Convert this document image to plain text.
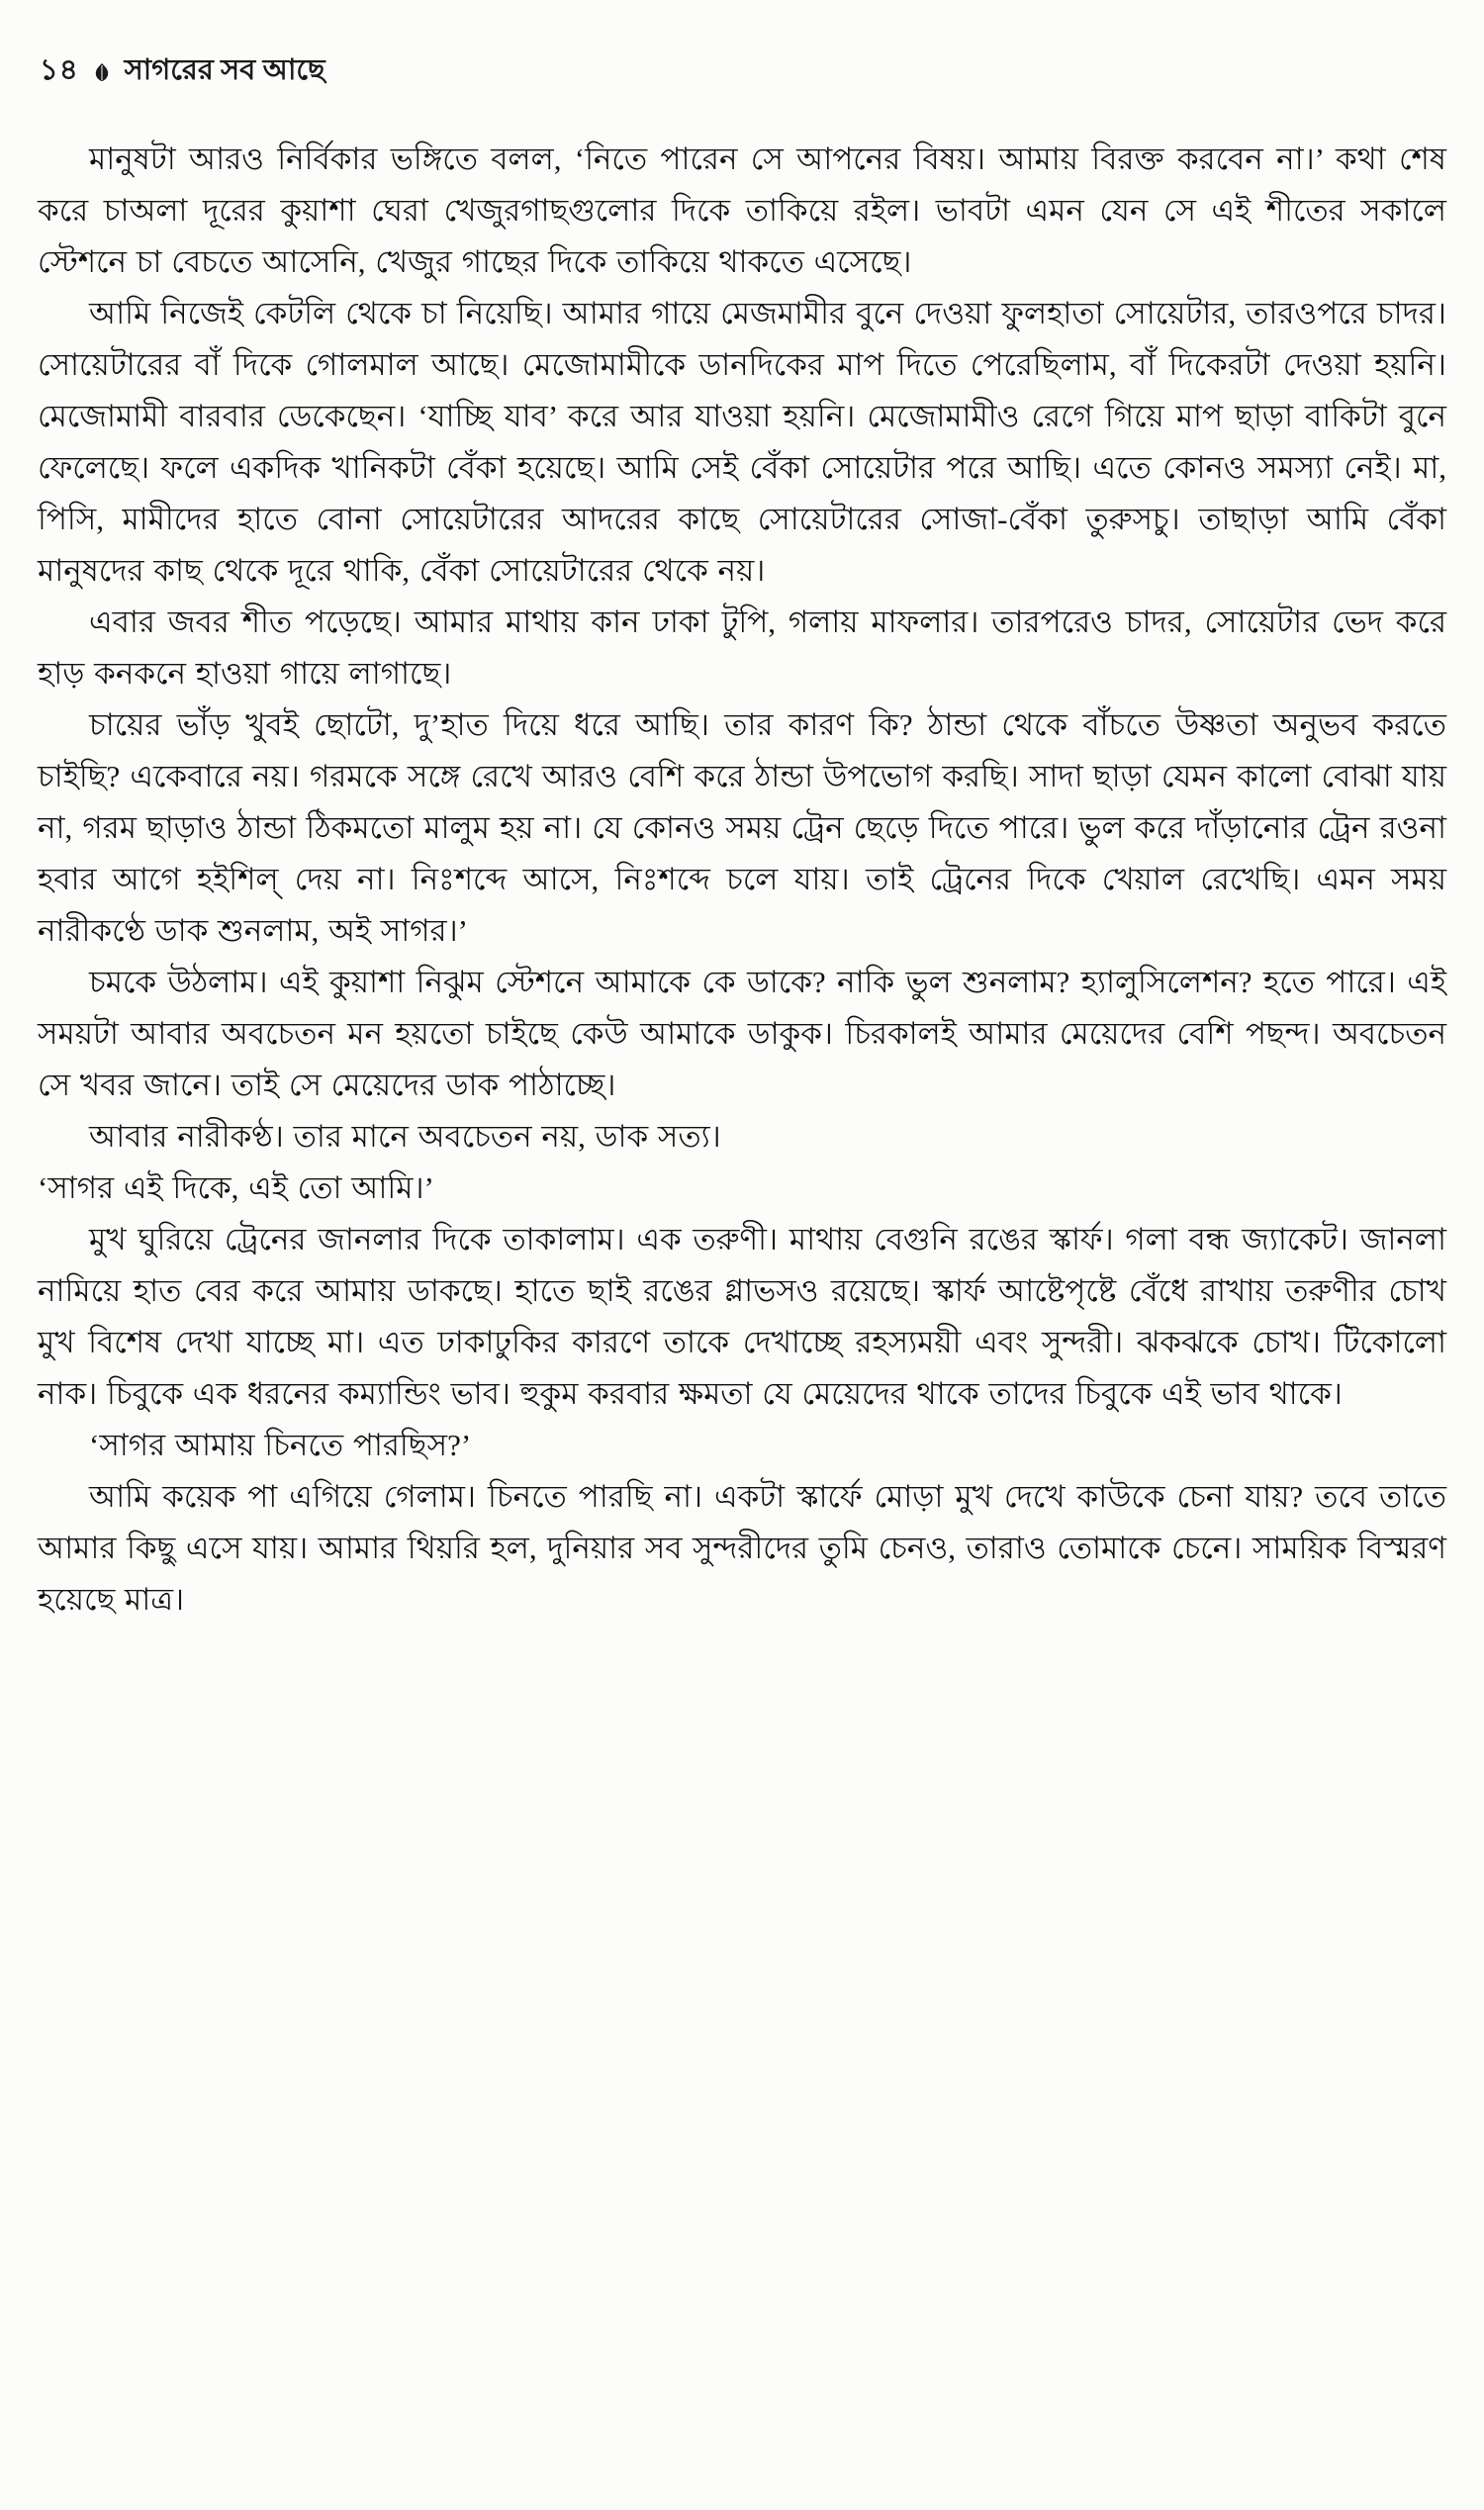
১৪ সাগরের সব আছে

মানুষটা আরও নির্বিকার ভঙ্গিতে বলল, ‘নিতে পারেন সে আপনের বিষয়। আমায় বিরক্ত করবেন না।’ কথা শেষ করে চাঅলা দূরের কুয়াশা ঘেরা খেজুরগাছগুলোর দিকে তাকিয়ে রইল। ভাবটা এমন যেন সে এই শীতের সকালে স্টেশনে চা বেচতে আসেনি, খেজুর গাছের দিকে তাকিয়ে থাকতে এসেছে।

আমি নিজেই কেটলি থেকে চা নিয়েছি। আমার গায়ে মেজমামীর বুনে দেওয়া ফুলহাতা সোয়েটার, তারওপরে চাদর। সোয়েটারের বাঁ দিকে গোলমাল আছে। মেজোমামীকে ডানদিকের মাপ দিতে পেরেছিলাম, বাঁ দিকেরটা দেওয়া হয়নি। মেজোমামী বারবার ডেকেছেন। ‘যাচ্ছি যাব’ করে আর যাওয়া হয়নি। মেজোমামীও রেগে গিয়ে মাপ ছাড়া বাকিটা বুনে ফেলেছে। ফলে একদিক খানিকটা বেঁকা হয়েছে। আমি সেই বেঁকা সোয়েটার পরে আছি। এতে কোনও সমস্যা নেই। মা, পিসি, মামীদের হাতে বোনা সোয়েটারের আদরের কাছে সোয়েটারের সোজা-বেঁকা তুরুসচু। তাছাড়া আমি বেঁকা মানুষদের কাছ থেকে দূরে থাকি, বেঁকা সোয়েটারের থেকে নয়।

এবার জবর শীত পড়েছে। আমার মাথায় কান ঢাকা টুপি, গলায় মাফলার। তারপরেও চাদর, সোয়েটার ভেদ করে হাড় কনকনে হাওয়া গায়ে লাগাছে।

চায়ের ভাঁড় খুবই ছোটো, দু’হাত দিয়ে ধরে আছি। তার কারণ কি? ঠান্ডা থেকে বাঁচতে উষ্ণতা অনুভব করতে চাইছি? একেবারে নয়। গরমকে সঙ্গে রেখে আরও বেশি করে ঠান্ডা উপভোগ করছি। সাদা ছাড়া যেমন কালো বোঝা যায় না, গরম ছাড়াও ঠান্ডা ঠিকমতো মালুম হয় না। যে কোনও সময় ট্রেন ছেড়ে দিতে পারে। ভুল করে দাঁড়ানোর ট্রেন রওনা হবার আগে হইশিল্ দেয় না। নিঃশব্দে আসে, নিঃশব্দে চলে যায়। তাই ট্রেনের দিকে খেয়াল রেখেছি। এমন সময় নারীকণ্ঠে ডাক শুনলাম, অই সাগর।’

চমকে উঠলাম। এই কুয়াশা নিঝুম স্টেশনে আমাকে কে ডাকে? নাকি ভুল শুনলাম? হ্যালুসিলেশন? হতে পারে। এই সময়টা আবার অবচেতন মন হয়তো চাইছে কেউ আমাকে ডাকুক। চিরকালই আমার মেয়েদের বেশি পছন্দ। অবচেতন সে খবর জানে। তাই সে মেয়েদের ডাক পাঠাচ্ছে।

আবার নারীকণ্ঠ। তার মানে অবচেতন নয়, ডাক সত্য।

‘সাগর এই দিকে, এই তো আমি।’

মুখ ঘুরিয়ে ট্রেনের জানলার দিকে তাকালাম। এক তরুণী। মাথায় বেগুনি রঙের স্কার্ফ। গলা বন্ধ জ্যাকেট। জানলা নামিয়ে হাত বের করে আমায় ডাকছে। হাতে ছাই রঙের গ্লাভসও রয়েছে। স্কার্ফ আষ্টেপৃষ্টে বেঁধে রাখায় তরুণীর চোখ মুখ বিশেষ দেখা যাচ্ছে মা। এত ঢাকাঢুকির কারণে তাকে দেখাচ্ছে রহস্যময়ী এবং সুন্দরী। ঝকঝকে চোখ। টিকোলো নাক। চিবুকে এক ধরনের কম্যান্ডিং ভাব। হুকুম করবার ক্ষমতা যে মেয়েদের থাকে তাদের চিবুকে এই ভাব থাকে।

‘সাগর আমায় চিনতে পারছিস?’

আমি কয়েক পা এগিয়ে গেলাম। চিনতে পারছি না। একটা স্কার্ফে মোড়া মুখ দেখে কাউকে চেনা যায়? তবে তাতে আমার কিছু এসে যায়। আমার থিয়রি হল, দুনিয়ার সব সুন্দরীদের তুমি চেনও, তারাও তোমাকে চেনে। সাময়িক বিস্মরণ হয়েছে মাত্র।
